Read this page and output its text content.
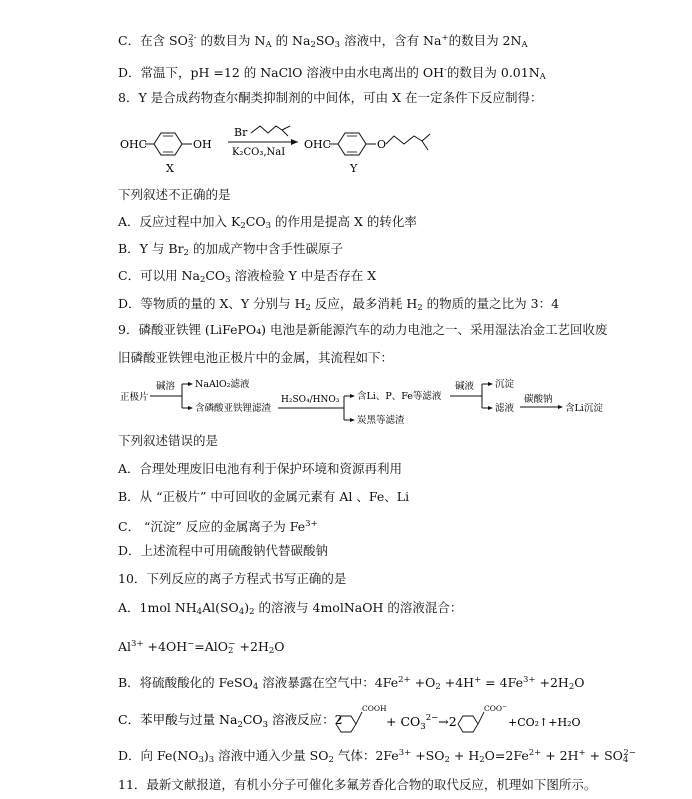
C．在含 $SO_3^{2-}$ 的数目为 $N_A$ 的 $Na_2SO_3$ 溶液中，含有 Na+的数目为 $2N_A$
D．常温下，pH =12 的 NaClO 溶液中由水电离出的 OH-的数目为 $0.01N_A$
8．Y 是合成药物查尔酮类抑制剂的中间体，可由 X 在一定条件下反应制得：
OHC	OH
X
Br
K₂CO₃,NaI
OHC	O
Y
下列叙述不正确的是
A．反应过程中加入 $K_2CO_3$ 的作用是提高 X 的转化率
B．Y 与 $Br_2$ 的加成产物中含手性碳原子
C．可以用 $Na_2CO_3$ 溶液检验 Y 中是否存在 X
D．等物质的量的 X、Y 分别与 $H_2$ 反应，最多消耗 $H_2$ 的物质的量之比为 3：4
9．磷酸亚铁锂 (LiFePO₄) 电池是新能源汽车的动力电池之一、采用湿法冶金工艺回收废
旧磷酸亚铁锂电池正极片中的金属，其流程如下：
正极片
碱溶 NaAlO₂滤液
含磷酸亚铁锂滤渣
H₂SO₄/HNO₃ 含Li、P、Fe等滤液
炭黑等滤渣
碱液 沉淀
滤液
碳酸钠
含Li沉淀
下列叙述错误的是
A．合理处理废旧电池有利于保护环境和资源再利用
B．从 “正极片” 中可回收的金属元素有 Al 、Fe、Li
C． “沉淀” 反应的金属离子为 $Fe^{3+}$
D．上述流程中可用硫酸钠代替碳酸钠
10．下列反应的离子方程式书写正确的是
A．1mol $NH_4Al(SO_4)_2$ 的溶液与 4molNaOH 的溶液混合：
$Al^{3+} +4OH^-=AlO_2^- +2H_2O$
B．将硫酸酸化的 FeSO$_4$ 溶液暴露在空气中：$4Fe^{2+} +O_2 +4H^+ = 4Fe^{3+} +2H_2O$
C．苯甲酸与过量 $Na_2CO_3$ 溶液反应：2
COOH
+ $CO_3^{2-}\to 2$
COO−
+CO₂↑+H₂O
D．向 $Fe(NO_3)_3$ 溶液中通入少量 $SO_2$ 气体：$2Fe^{3+} +SO_2 + H_2O=2Fe^{2+} + 2H^+ + SO_4^{2-}$
11．最新文献报道，有机小分子可催化多氟芳香化合物的取代反应，机理如下图所示。
